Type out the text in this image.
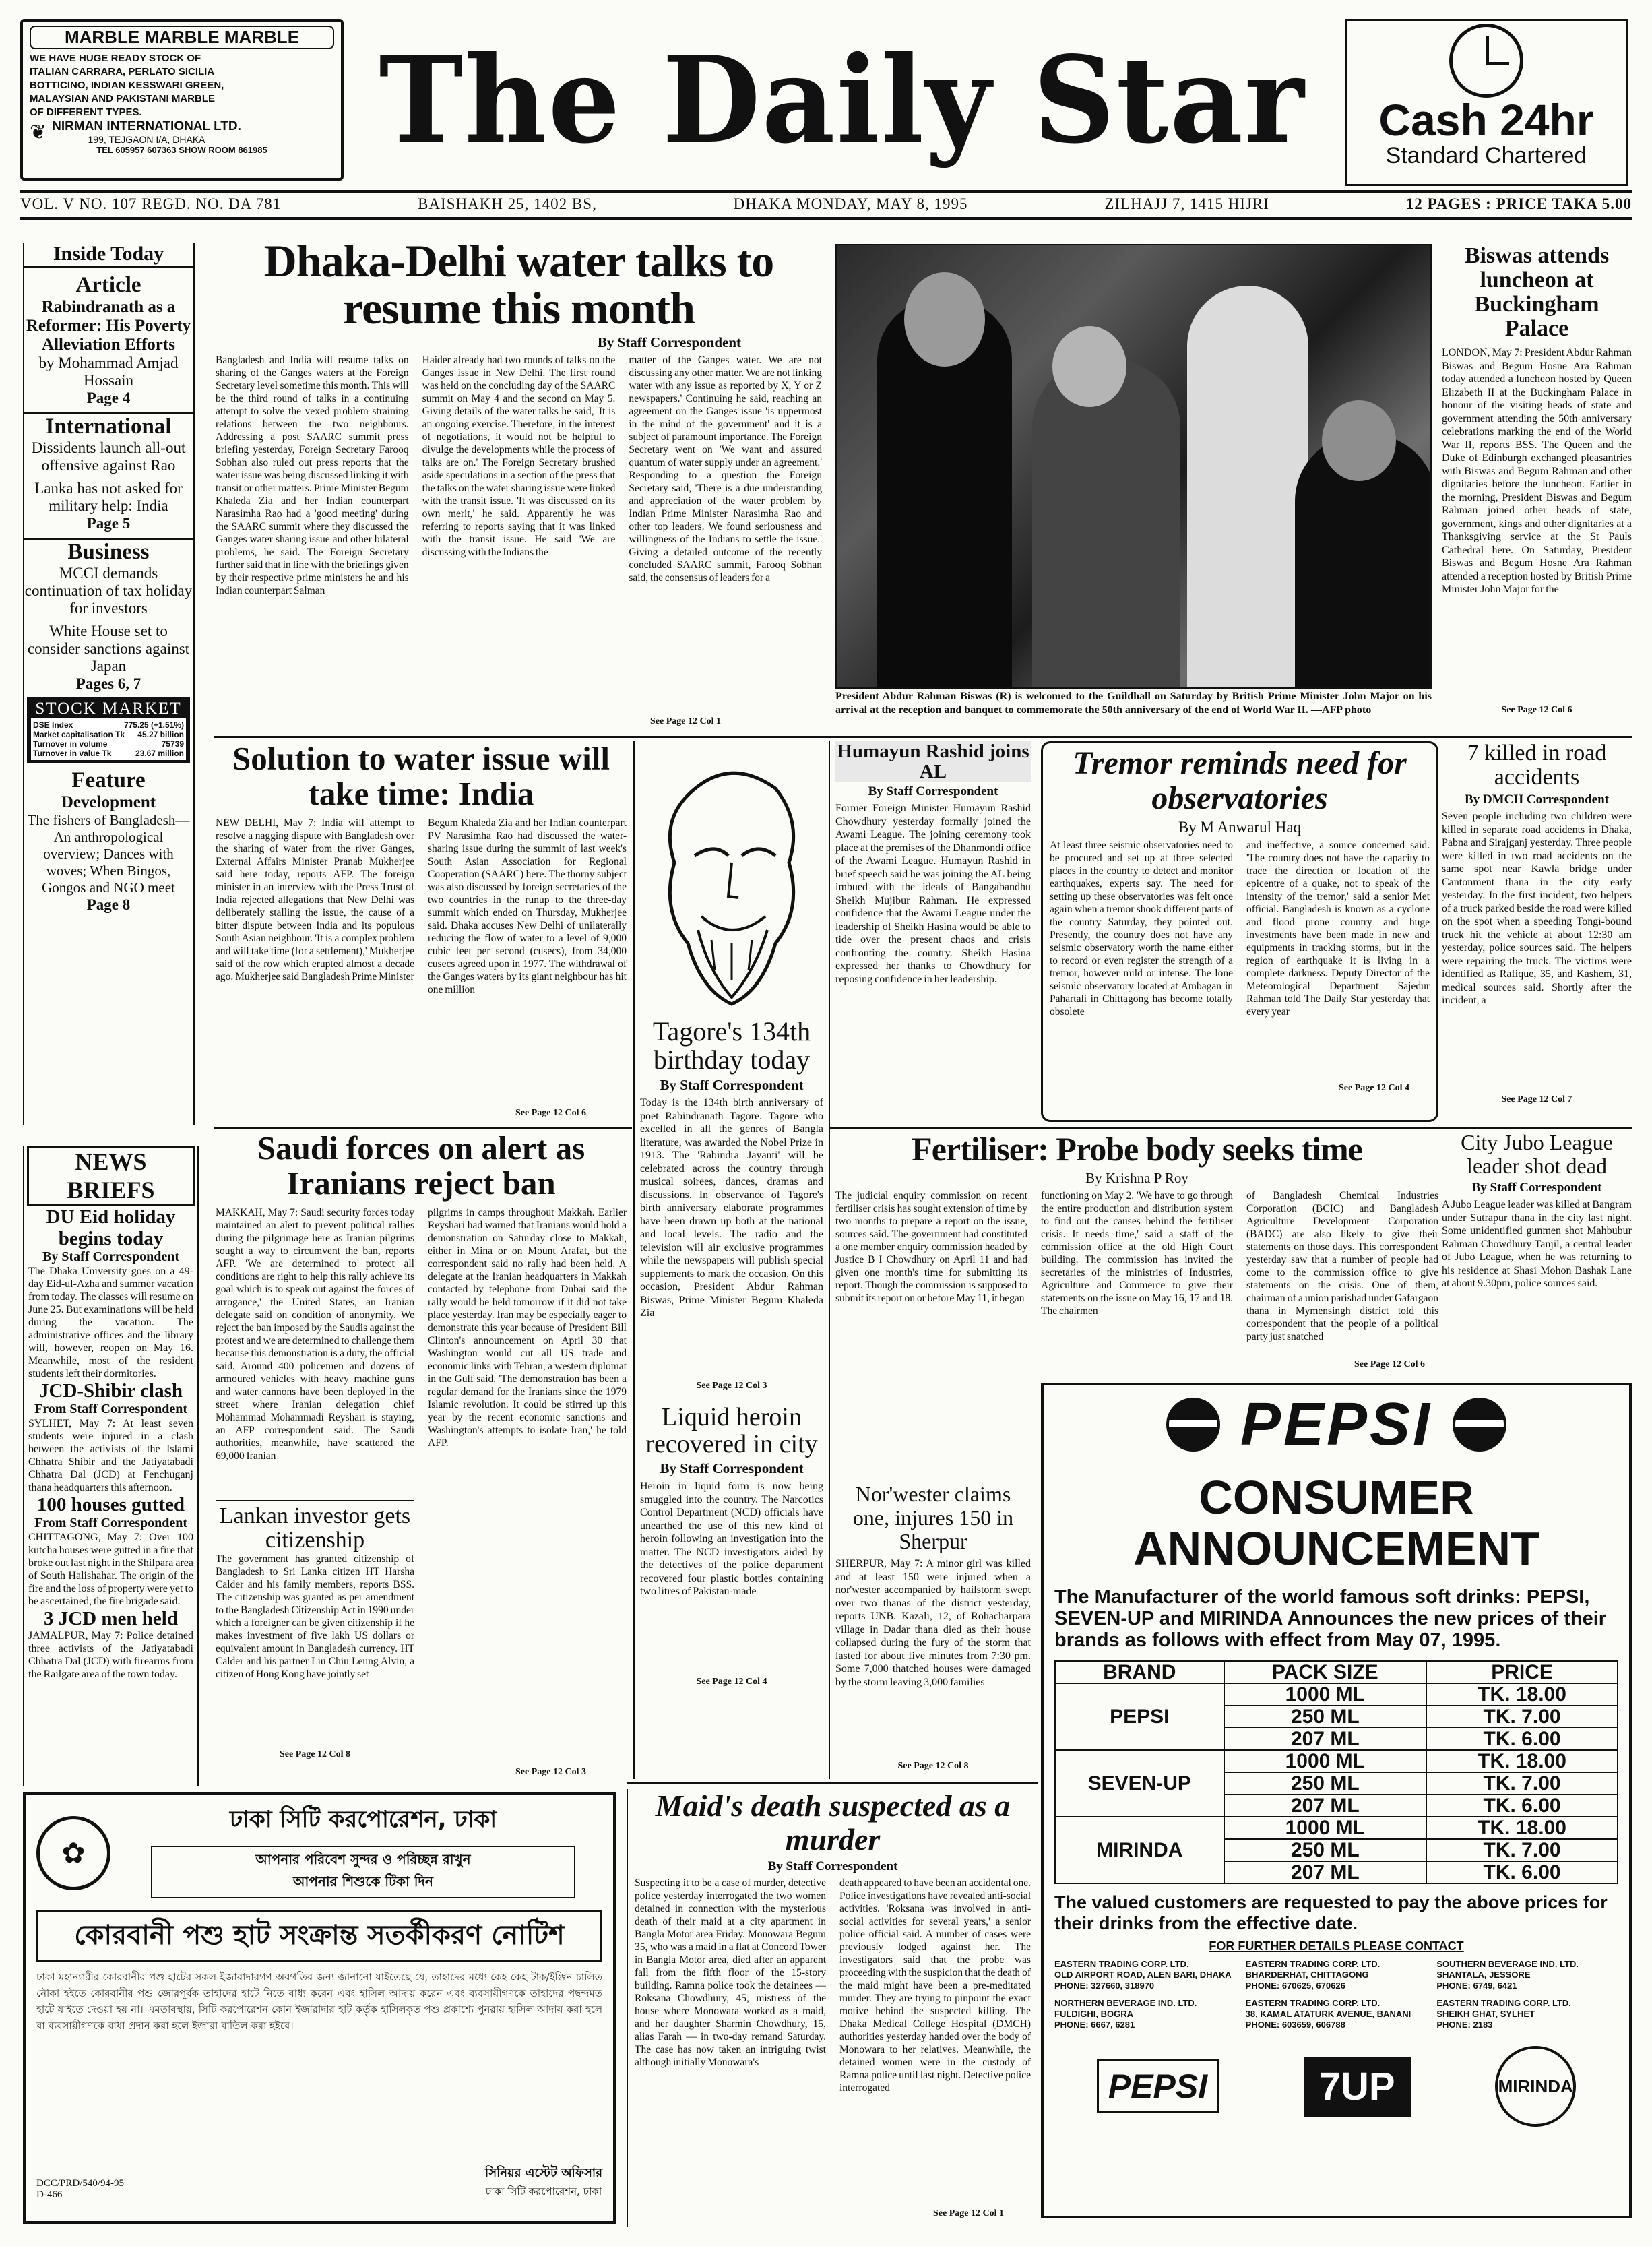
MARBLE MARBLE MARBLE
WE HAVE HUGE READY STOCK OF
ITALIAN CARRARA, PERLATO SICILIA
BOTTICINO, INDIAN KESSWARI GREEN,
MALAYSIAN AND PAKISTANI MARBLE
OF DIFFERENT TYPES.
❦ NIRMAN INTERNATIONAL LTD.
199, TEJGAON I/A, DHAKA
TEL 605957 607363 SHOW ROOM 861985 The Daily Star	Cash 24hr
Standard Chartered
VOL. V NO. 107 REGD. NO. DA 781	BAISHAKH 25, 1402 BS,	DHAKA MONDAY, MAY 8, 1995	ZILHAJJ 7, 1415 HIJRI	12 PAGES : PRICE TAKA 5.00
Inside Today
Article
Rabindranath as a Reformer: His Poverty Alleviation Efforts
by Mohammad Amjad Hossain
Page 4
International
Dissidents launch all-out offensive against Rao
Lanka has not asked for military help: India
Page 5
Business
MCCI demands continuation of tax holiday for investors
White House set to consider sanctions against Japan
Pages 6, 7
STOCK MARKET
DSE Index	775.25 (+1.51%)
Market capitalisation Tk 45.27 billion
Turnover in volume	75739
Turnover in value Tk	23.67 million
Feature
Development
The fishers of Bangladesh—An anthropological overview; Dances with woves; When Bingos, Gongos and NGO meet
Page 8
NEWS BRIEFS
DU Eid holiday begins today
By Staff Correspondent
The Dhaka University goes on a 49-day Eid-ul-Azha and summer vacation from today. The classes will resume on June 25. But examinations will be held during the vacation. The administrative offices and the library will, however, reopen on May 16. Meanwhile, most of the resident students left their dormitories.
JCD-Shibir clash
From Staff Correspondent
SYLHET, May 7: At least seven students were injured in a clash between the activists of the Islami Chhatra Shibir and the Jatiyatabadi Chhatra Dal (JCD) at Fenchuganj thana headquarters this afternoon.
100 houses gutted
From Staff Correspondent
CHITTAGONG, May 7: Over 100 kutcha houses were gutted in a fire that broke out last night in the Shilpara area of South Halishahar. The origin of the fire and the loss of property were yet to be ascertained, the fire brigade said.
3 JCD men held
JAMALPUR, May 7: Police detained three activists of the Jatiyatabadi Chhatra Dal (JCD) with firearms from the Railgate area of the town today.
Dhaka-Delhi water talks to resume this month
By Staff Correspondent
Bangladesh and India will resume talks on sharing of the Ganges waters at the Foreign Secretary level sometime this month. This will be the third round of talks in a continuing attempt to solve the vexed problem straining relations between the two neighbours. Addressing a post SAARC summit press briefing yesterday, Foreign Secretary Farooq Sobhan also ruled out press reports that the water issue was being discussed linking it with transit or other matters. Prime Minister Begum Khaleda Zia and her Indian counterpart Narasimha Rao had a 'good meeting' during the SAARC summit where they discussed the Ganges water sharing issue and other bilateral problems, he said. The Foreign Secretary further said that in line with the briefings given by their respective prime ministers he and his Indian counterpart Salman
Haider already had two rounds of talks on the Ganges issue in New Delhi. The first round was held on the concluding day of the SAARC summit on May 4 and the second on May 5. Giving details of the water talks he said, 'It is an ongoing exercise. Therefore, in the interest of negotiations, it would not be helpful to divulge the developments while the process of talks are on.' The Foreign Secretary brushed aside speculations in a section of the press that the talks on the water sharing issue were linked with the transit issue. 'It was discussed on its own merit,' he said. Apparently he was referring to reports saying that it was linked with the transit issue. He said 'We are discussing with the Indians the
matter of the Ganges water. We are not discussing any other matter. We are not linking water with any issue as reported by X, Y or Z newspapers.' Continuing he said, reaching an agreement on the Ganges issue 'is uppermost in the mind of the government' and it is a subject of paramount importance. The Foreign Secretary went on 'We want and assured quantum of water supply under an agreement.' Responding to a question the Foreign Secretary said, 'There is a due understanding and appreciation of the water problem by Indian Prime Minister Narasimha Rao and other top leaders. We found seriousness and willingness of the Indians to settle the issue.' Giving a detailed outcome of the recently concluded SAARC summit, Farooq Sobhan said, the consensus of leaders for a
See Page 12 Col 1
President Abdur Rahman Biswas (R) is welcomed to the Guildhall on Saturday by British Prime Minister John Major on his arrival at the reception and banquet to commemorate the 50th anniversary of the end of World War II. —AFP photo
Biswas attends luncheon at Buckingham Palace
LONDON, May 7: President Abdur Rahman Biswas and Begum Hosne Ara Rahman today attended a luncheon hosted by Queen Elizabeth II at the Buckingham Palace in honour of the visiting heads of state and government attending the 50th anniversary celebrations marking the end of the World War II, reports BSS. The Queen and the Duke of Edinburgh exchanged pleasantries with Biswas and Begum Rahman and other dignitaries before the luncheon. Earlier in the morning, President Biswas and Begum Rahman joined other heads of state, government, kings and other dignitaries at a Thanksgiving service at the St Pauls Cathedral here. On Saturday, President Biswas and Begum Hosne Ara Rahman attended a reception hosted by British Prime Minister John Major for the
See Page 12 Col 6
Solution to water issue will take time: India
NEW DELHI, May 7: India will attempt to resolve a nagging dispute with Bangladesh over the sharing of water from the river Ganges, External Affairs Minister Pranab Mukherjee said here today, reports AFP. The foreign minister in an interview with the Press Trust of India rejected allegations that New Delhi was deliberately stalling the issue, the cause of a bitter dispute between India and its populous South Asian neighbour. 'It is a complex problem and will take time (for a settlement),' Mukherjee said of the row which erupted almost a decade ago. Mukherjee said Bangladesh Prime Minister
Begum Khaleda Zia and her Indian counterpart PV Narasimha Rao had discussed the water-sharing issue during the summit of last week's South Asian Association for Regional Cooperation (SAARC) here. The thorny subject was also discussed by foreign secretaries of the two countries in the runup to the three-day summit which ended on Thursday, Mukherjee said. Dhaka accuses New Delhi of unilaterally reducing the flow of water to a level of 9,000 cubic feet per second (cusecs), from 34,000 cusecs agreed upon in 1977. The withdrawal of the Ganges waters by its giant neighbour has hit one million
See Page 12 Col 6
Tagore's 134th birthday today
By Staff Correspondent
Today is the 134th birth anniversary of poet Rabindranath Tagore. Tagore who excelled in all the genres of Bangla literature, was awarded the Nobel Prize in 1913. The 'Rabindra Jayanti' will be celebrated across the country through musical soirees, dances, dramas and discussions. In observance of Tagore's birth anniversary elaborate programmes have been drawn up both at the national and local levels. The radio and the television will air exclusive programmes while the newspapers will publish special supplements to mark the occasion. On this occasion, President Abdur Rahman Biswas, Prime Minister Begum Khaleda Zia
See Page 12 Col 3
Liquid heroin recovered in city
By Staff Correspondent
Heroin in liquid form is now being smuggled into the country. The Narcotics Control Department (NCD) officials have unearthed the use of this new kind of heroin following an investigation into the matter. The NCD investigators aided by the detectives of the police department recovered four plastic bottles containing two litres of Pakistan-made
See Page 12 Col 4
Humayun Rashid joins AL
By Staff Correspondent
Former Foreign Minister Humayun Rashid Chowdhury yesterday formally joined the Awami League. The joining ceremony took place at the premises of the Dhanmondi office of the Awami League. Humayun Rashid in brief speech said he was joining the AL being imbued with the ideals of Bangabandhu Sheikh Mujibur Rahman. He expressed confidence that the Awami League under the leadership of Sheikh Hasina would be able to tide over the present chaos and crisis confronting the country. Sheikh Hasina expressed her thanks to Chowdhury for reposing confidence in her leadership.
Tremor reminds need for observatories
By M Anwarul Haq
At least three seismic observatories need to be procured and set up at three selected places in the country to detect and monitor earthquakes, experts say. The need for setting up these observatories was felt once again when a tremor shook different parts of the country Saturday, they pointed out. Presently, the country does not have any seismic observatory worth the name either to record or even register the strength of a tremor, however mild or intense. The lone seismic observatory located at Ambagan in Pahartali in Chittagong has become totally obsolete
and ineffective, a source concerned said. 'The country does not have the capacity to trace the direction or location of the epicentre of a quake, not to speak of the intensity of the tremor,' said a senior Met official. Bangladesh is known as a cyclone and flood prone country and huge investments have been made in new and equipments in tracking storms, but in the region of earthquake it is living in a complete darkness. Deputy Director of the Meteorological Department Sajedur Rahman told The Daily Star yesterday that every year
See Page 12 Col 4
7 killed in road accidents
By DMCH Correspondent
Seven people including two children were killed in separate road accidents in Dhaka, Pabna and Sirajganj yesterday. Three people were killed in two road accidents on the same spot near Kawla bridge under Cantonment thana in the city early yesterday. In the first incident, two helpers of a truck parked beside the road were killed on the spot when a speeding Tongi-bound truck hit the vehicle at about 12:30 am yesterday, police sources said. The helpers were repairing the truck. The victims were identified as Rafique, 35, and Kashem, 31, medical sources said. Shortly after the incident, a
See Page 12 Col 7
Saudi forces on alert as Iranians reject ban
MAKKAH, May 7: Saudi security forces today maintained an alert to prevent political rallies during the pilgrimage here as Iranian pilgrims sought a way to circumvent the ban, reports AFP. 'We are determined to protect all conditions are right to help this rally achieve its goal which is to speak out against the forces of arrogance,' the United States, an Iranian delegate said on condition of anonymity. We reject the ban imposed by the Saudis against the protest and we are determined to challenge them because this demonstration is a duty, the official said. Around 400 policemen and dozens of armoured vehicles with heavy machine guns and water cannons have been deployed in the street where Iranian delegation chief Mohammad Mohammadi Reyshari is staying, an AFP correspondent said. The Saudi authorities, meanwhile, have scattered the 69,000 Iranian
Lankan investor gets citizenship
The government has granted citizenship of Bangladesh to Sri Lanka citizen HT Harsha Calder and his family members, reports BSS. The citizenship was granted as per amendment to the Bangladesh Citizenship Act in 1990 under which a foreigner can be given citizenship if he makes investment of five lakh US dollars or equivalent amount in Bangladesh currency. HT Calder and his partner Liu Chiu Leung Alvin, a citizen of Hong Kong have jointly set
See Page 12 Col 8
pilgrims in camps throughout Makkah. Earlier Reyshari had warned that Iranians would hold a demonstration on Saturday close to Makkah, either in Mina or on Mount Arafat, but the correspondent said no rally had been held. A delegate at the Iranian headquarters in Makkah contacted by telephone from Dubai said the rally would be held tomorrow if it did not take place yesterday. Iran may be especially eager to demonstrate this year because of President Bill Clinton's announcement on April 30 that Washington would cut all US trade and economic links with Tehran, a western diplomat in the Gulf said. 'The demonstration has been a regular demand for the Iranians since the 1979 Islamic revolution. It could be stirred up this year by the recent economic sanctions and Washington's attempts to isolate Iran,' he told AFP.
See Page 12 Col 3
Fertiliser: Probe body seeks time
By Krishna P Roy
The judicial enquiry commission on recent fertiliser crisis has sought extension of time by two months to prepare a report on the issue, sources said. The government had constituted a one member enquiry commission headed by Justice B I Chowdhury on April 11 and had given one month's time for submitting its report. Though the commission is supposed to submit its report on or before May 11, it began
functioning on May 2. 'We have to go through the entire production and distribution system to find out the causes behind the fertiliser crisis. It needs time,' said a staff of the commission office at the old High Court building. The commission has invited the secretaries of the ministries of Industries, Agriculture and Commerce to give their statements on the issue on May 16, 17 and 18. The chairmen
of Bangladesh Chemical Industries Corporation (BCIC) and Bangladesh Agriculture Development Corporation (BADC) are also likely to give their statements on those days. This correspondent yesterday saw that a number of people had come to the commission office to give statements on the crisis. One of them, chairman of a union parishad under Gafargaon thana in Mymensingh district told this correspondent that the people of a political party just snatched
See Page 12 Col 6
Nor'wester claims one, injures 150 in Sherpur
SHERPUR, May 7: A minor girl was killed and at least 150 were injured when a nor'wester accompanied by hailstorm swept over two thanas of the district yesterday, reports UNB. Kazali, 12, of Rohacharpara village in Dadar thana died as their house collapsed during the fury of the storm that lasted for about five minutes from 7:30 pm. Some 7,000 thatched houses were damaged by the storm leaving 3,000 families
See Page 12 Col 8
City Jubo League leader shot dead
By Staff Correspondent
A Jubo League leader was killed at Bangram under Sutrapur thana in the city last night. Some unidentified gunmen shot Mahbubur Rahman Chowdhury Tanjil, a central leader of Jubo League, when he was returning to his residence at Shasi Mohon Bashak Lane at about 9.30pm, police sources said.
PEPSI
CONSUMER
ANNOUNCEMENT
The Manufacturer of the world famous soft drinks: PEPSI, SEVEN-UP and MIRINDA Announces the new prices of their brands as follows with effect from May 07, 1995.
BRAND	PACK SIZE	PRICE
PEPSI	1000 ML	TK. 18.00
	250 ML	TK. 7.00
	207 ML	TK. 6.00
SEVEN-UP	1000 ML	TK. 18.00
	250 ML	TK. 7.00
	207 ML	TK. 6.00
MIRINDA	1000 ML	TK. 18.00
	250 ML	TK. 7.00
	207 ML	TK. 6.00
The valued customers are requested to pay the above prices for their drinks from the effective date.
FOR FURTHER DETAILS PLEASE CONTACT
EASTERN TRADING CORP. LTD.
OLD AIRPORT ROAD, ALEN BARI, DHAKA
PHONE: 327660, 318970
EASTERN TRADING CORP. LTD.
BHARDERHAT, CHITTAGONG
PHONE: 670625, 670626
SOUTHERN BEVERAGE IND. LTD.
SHANTALA, JESSORE
PHONE: 6749, 6421
NORTHERN BEVERAGE IND. LTD.
FULDIGHI, BOGRA
PHONE: 6667, 6281
EASTERN TRADING CORP. LTD.
38, KAMAL ATATURK AVENUE, BANANI
PHONE: 603659, 606788
EASTERN TRADING CORP. LTD.
SHEIKH GHAT, SYLHET
PHONE: 2183
PEPSI	7UP	MIRINDA
✿
ঢাকা সিটি করপোরেশন, ঢাকা
আপনার পরিবেশ সুন্দর ও পরিচ্ছন্ন রাখুন
আপনার শিশুকে টিকা দিন
কোরবানী পশু হাট সংক্রান্ত সতর্কীকরণ নোটিশ
ঢাকা মহানগরীর কোরবানীর পশু হাটের সকল ইজারাদারগণ অবগতির জন্য জানানো যাইতেছে যে, তাহাদের মধ্যে কেহ কেহ টাক/ইঞ্জিন চালিত নৌকা হইতে কোরবানীর পশু জোরপূর্বক তাহাদের হাটে নিতে বাধ্য করেন এবং হাসিল আদায় করেন এবং ব্যবসায়ীগণকে তাহাদের পছন্দমত হাটে যাইতে দেওয়া হয় না। এমতাবস্থায়, সিটি করপোরেশন কোন ইজারাদার হাট কর্তৃক হাসিলকৃত পশু প্রকাশ্যে পুনরায় হাসিল আদায় করা হলে বা ব্যবসায়ীগণকে বাধা প্রদান করা হলে ইজারা বাতিল করা হইবে।
DCC/PRD/540/94-95
D-466
সিনিয়র এস্টেট অফিসার
ঢাকা সিটি করপোরেশন, ঢাকা
Maid's death suspected as a murder
By Staff Correspondent
Suspecting it to be a case of murder, detective police yesterday interrogated the two women detained in connection with the mysterious death of their maid at a city apartment in Bangla Motor area Friday. Monowara Begum 35, who was a maid in a flat at Concord Tower in Bangla Motor area, died after an apparent fall from the fifth floor of the 15-story building. Ramna police took the detainees — Roksana Chowdhury, 45, mistress of the house where Monowara worked as a maid, and her daughter Sharmin Chowdhury, 15, alias Farah — in two-day remand Saturday. The case has now taken an intriguing twist although initially Monowara's
death appeared to have been an accidental one. Police investigations have revealed anti-social activities. 'Roksana was involved in anti-social activities for several years,' a senior police official said. A number of cases were previously lodged against her. The investigators said that the probe was proceeding with the suspicion that the death of the maid might have been a pre-meditated murder. They are trying to pinpoint the exact motive behind the suspected killing. The Dhaka Medical College Hospital (DMCH) authorities yesterday handed over the body of Monowara to her relatives. Meanwhile, the detained women were in the custody of Ramna police until last night. Detective police interrogated
See Page 12 Col 1
